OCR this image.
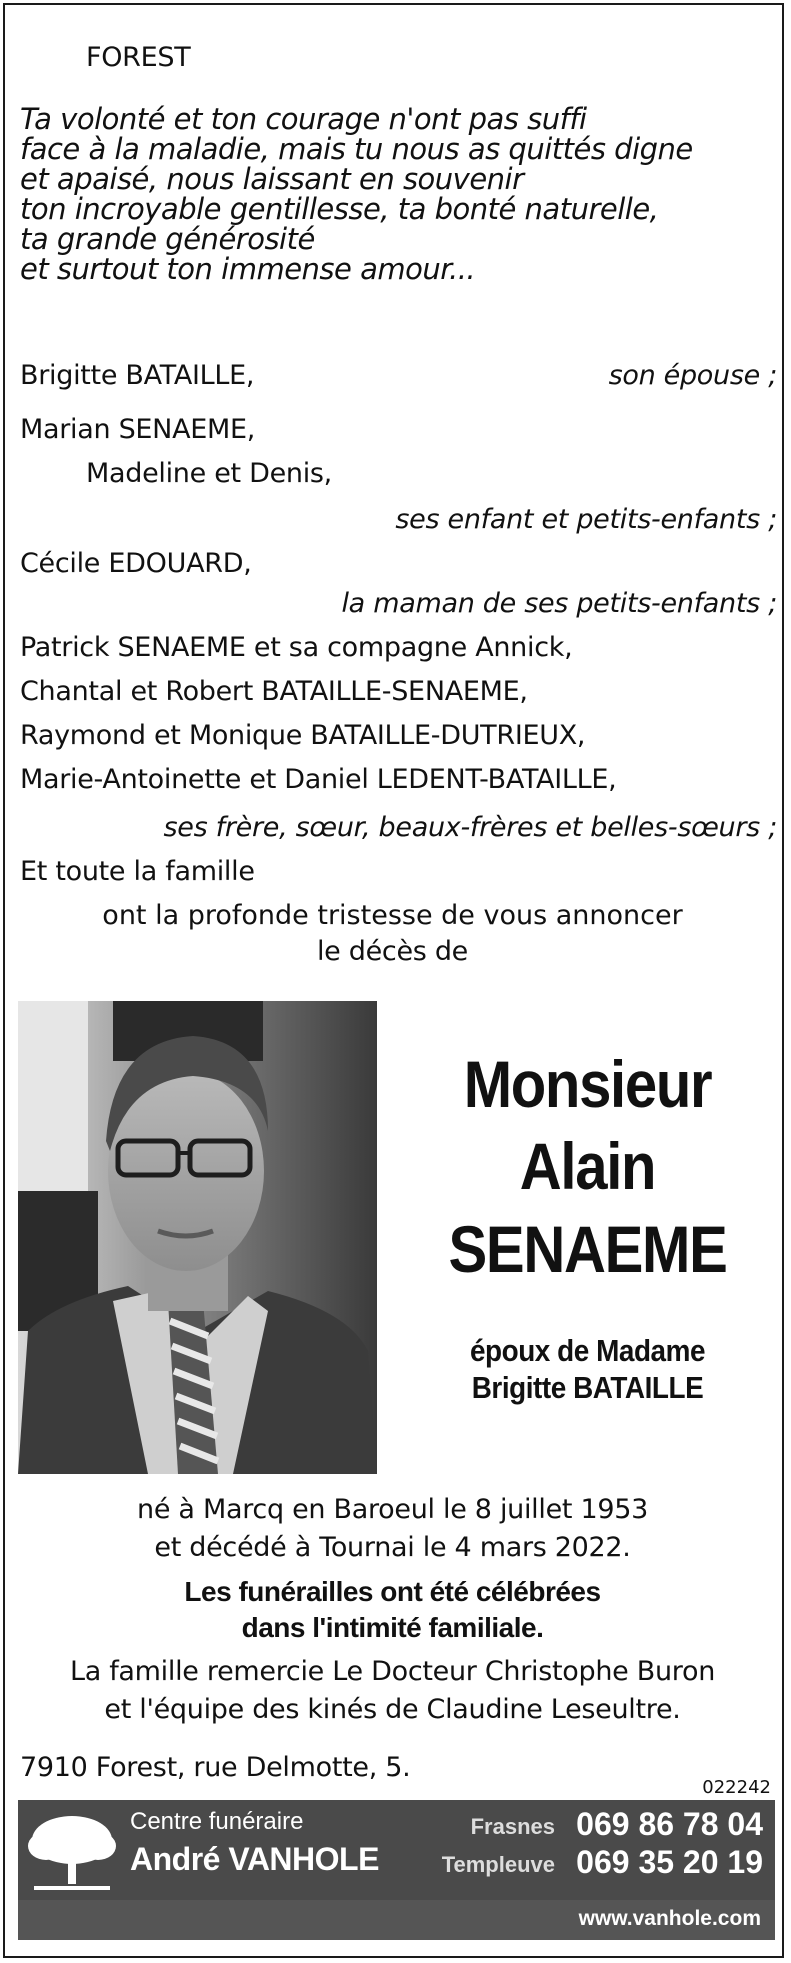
FOREST
Ta volonté et ton courage n'ont pas suffi
face à la maladie, mais tu nous as quittés digne
et apaisé, nous laissant en souvenir
ton incroyable gentillesse, ta bonté naturelle,
ta grande générosité
et surtout ton immense amour...
Brigitte BATAILLE,	son épouse ;
Marian SENAEME,
Madeline et Denis,
ses enfant et petits-enfants ;
Cécile EDOUARD,
la maman de ses petits-enfants ;
Patrick SENAEME et sa compagne Annick,
Chantal et Robert BATAILLE-SENAEME,
Raymond et Monique BATAILLE-DUTRIEUX,
Marie-Antoinette et Daniel LEDENT-BATAILLE,
ses frère, sœur, beaux-frères et belles-sœurs ;
Et toute la famille
ont la profonde tristesse de vous annoncer
le décès de
Monsieur
Alain
SENAEME
époux de Madame
Brigitte BATAILLE
né à Marcq en Baroeul le 8 juillet 1953
et décédé à Tournai le 4 mars 2022.
Les funérailles ont été célébrées
dans l'intimité familiale.
La famille remercie Le Docteur Christophe Buron
et l'équipe des kinés de Claudine Leseultre.
7910 Forest, rue Delmotte, 5.
022242
Centre funéraire
André VANHOLE
Frasnes 069 86 78 04
Templeuve 069 35 20 19
www.vanhole.com
